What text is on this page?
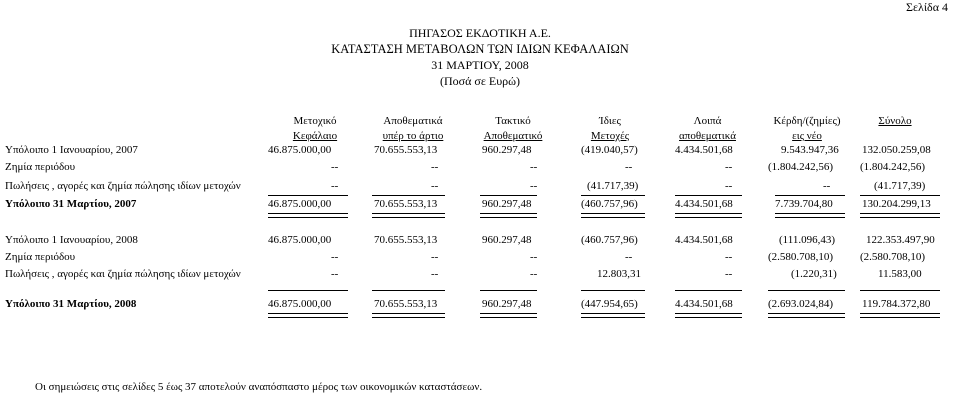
Σελίδα 4
ΠΗΓΑΣΟΣ ΕΚΔΟΤΙΚΗ Α.Ε.
ΚΑΤΑΣΤΑΣΗ ΜΕΤΑΒΟΛΩΝ ΤΩΝ ΙΔΙΩΝ ΚΕΦΑΛΑΙΩΝ
31 ΜΑΡΤΙΟΥ, 2008
(Ποσά σε Ευρώ)
Μετοχικό
Κεφάλαιο
Αποθεματικά
υπέρ το άρτιο
Τακτικό
Αποθεματικό
Ίδιες
Μετοχές
Λοιπά
αποθεματικά
Κέρδη/(ζημίες)
εις νέο
Σύνολο
Υπόλοιπο 1 Ιανουαρίου, 2007	46.875.000,00	70.655.553,13	960.297,48	(419.040,57)	4.434.501,68	9.543.947,36 132.050.259,08
Ζημία περιόδου	--	--	--	--	--	(1.804.242,56) (1.804.242,56)
Πωλήσεις , αγορές και ζημία πώλησης ιδίων μετοχών	--	--	--	(41.717,39)	--	--	(41.717,39)
Υπόλοιπο 31 Μαρτίου, 2007	46.875.000,00	70.655.553,13	960.297,48	(460.757,96)	4.434.501,68	7.739.704,80	130.204.299,13
Υπόλοιπο 1 Ιανουαρίου, 2008	46.875.000,00	70.655.553,13	960.297,48	(460.757,96)	4.434.501,68	(111.096,43)	122.353.497,90
Ζημία περιόδου	--	--	--	--	--	(2.580.708,10) (2.580.708,10)
Πωλήσεις , αγορές και ζημία πώλησης ιδίων μετοχών	--	--	--	12.803,31	--	(1.220,31)	11.583,00
Υπόλοιπο 31 Μαρτίου, 2008	46.875.000,00	70.655.553,13	960.297,48	(447.954,65)	4.434.501,68	(2.693.024,84)	119.784.372,80
Οι σημειώσεις στις σελίδες 5 έως 37 αποτελούν αναπόσπαστο μέρος των οικονομικών καταστάσεων.
